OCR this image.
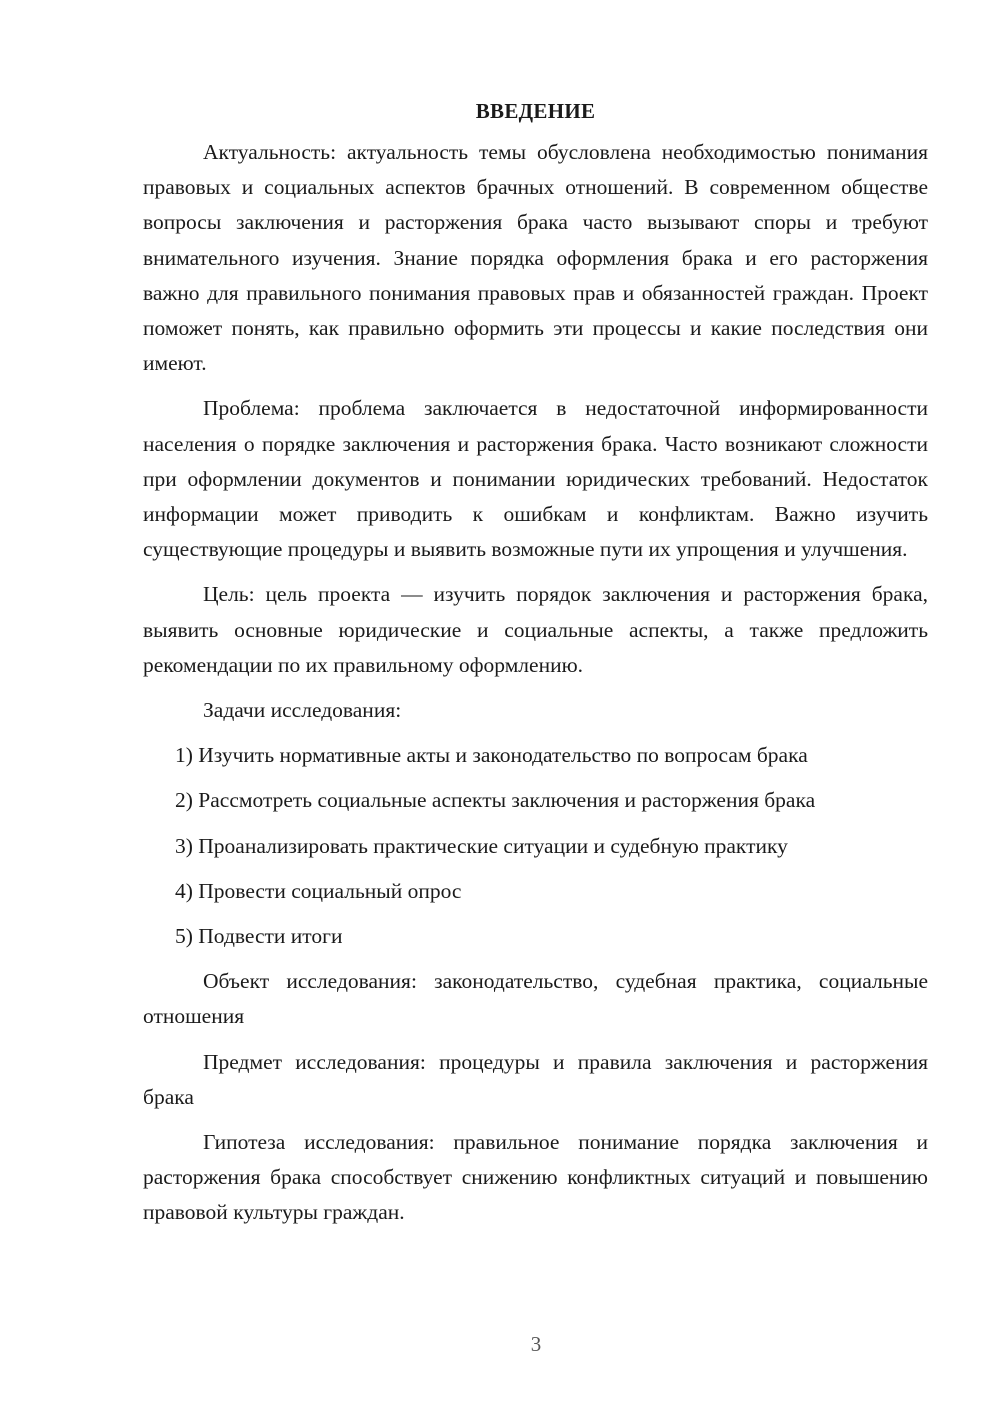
ВВЕДЕНИЕ

Актуальность: актуальность темы обусловлена необходимостью понимания правовых и социальных аспектов брачных отношений. В современном обществе вопросы заключения и расторжения брака часто вызывают споры и требуют внимательного изучения. Знание порядка оформления брака и его расторжения важно для правильного понимания правовых прав и обязанностей граждан. Проект поможет понять, как правильно оформить эти процессы и какие последствия они имеют.

Проблема: проблема заключается в недостаточной информированности населения о порядке заключения и расторжения брака. Часто возникают сложности при оформлении документов и понимании юридических требований. Недостаток информации может приводить к ошибкам и конфликтам. Важно изучить существующие процедуры и выявить возможные пути их упрощения и улучшения.

Цель: цель проекта — изучить порядок заключения и расторжения брака, выявить основные юридические и социальные аспекты, а также предложить рекомендации по их правильному оформлению.

Задачи исследования:

1) Изучить нормативные акты и законодательство по вопросам брака
2) Рассмотреть социальные аспекты заключения и расторжения брака
3) Проанализировать практические ситуации и судебную практику
4) Провести социальный опрос
5) Подвести итоги

Объект исследования: законодательство, судебная практика, социальные отношения

Предмет исследования: процедуры и правила заключения и расторжения брака

Гипотеза исследования: правильное понимание порядка заключения и расторжения брака способствует снижению конфликтных ситуаций и повышению правовой культуры граждан.

3
